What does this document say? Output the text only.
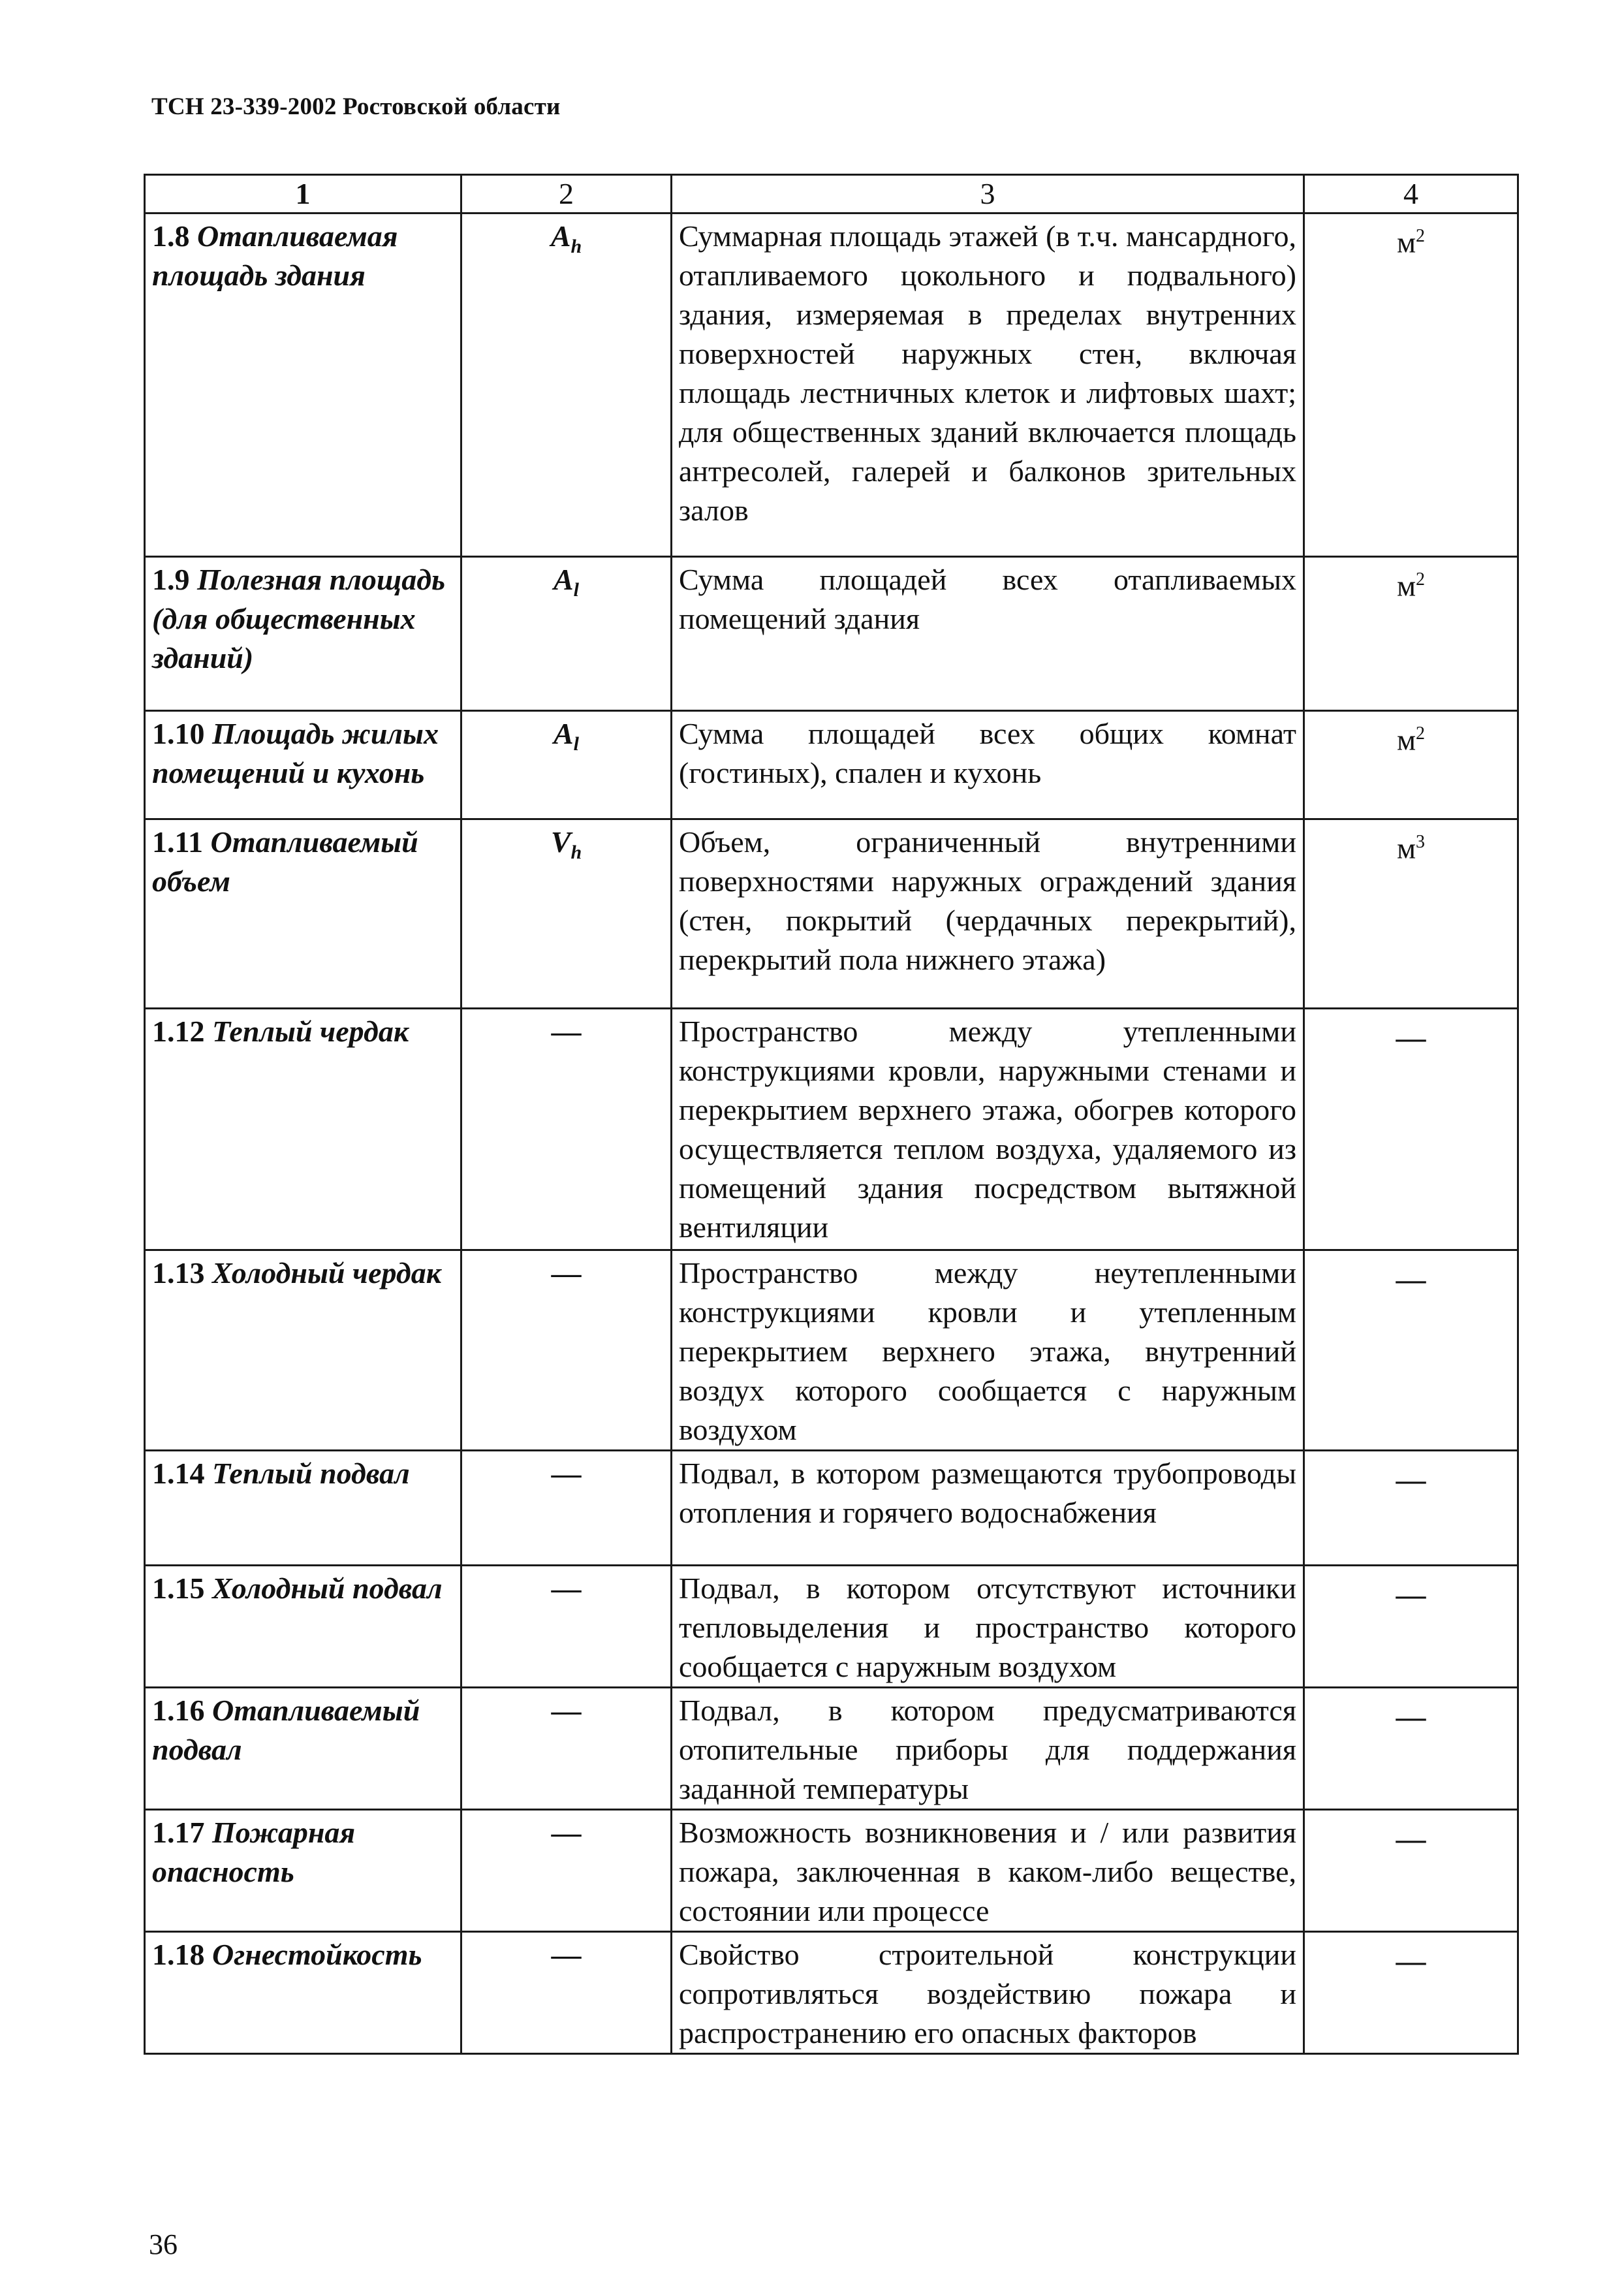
ТСН 23-339-2002 Ростовской области
1	2	3	4
1.8 Отапливаемая площадь здания	$A_h$	Суммарная площадь этажей (в т.ч. мансардного, отапливаемого цокольного и подвального) здания, измеряемая в пределах внутренних поверхностей наружных стен, включая площадь лестничных клеток и лифтовых шахт; для общественных зданий включается площадь антресолей, галерей и балконов зрительных залов	$м^2$
1.9 Полезная площадь (для общественных зданий)	$A_l$	Сумма площадей всех отапливаемых помещений здания	$м^2$
1.10 Площадь жилых помещений и кухонь	$A_l$	Сумма площадей всех общих комнат (гостиных), спален и кухонь	$м^2$
1.11 Отапливаемый объем	$V_h$	Объем, ограниченный внутренними поверхностями наружных ограждений здания (стен, покрытий (чердачных перекрытий), перекрытий пола нижнего этажа)	$м^3$
1.12 Теплый чердак	—	Пространство между утепленными конструкциями кровли, наружными стенами и перекрытием верхнего этажа, обогрев которого осуществляется теплом воздуха, удаляемого из помещений здания посредством вытяжной вентиляции	—
1.13 Холодный чердак	—	Пространство между неутепленными конструкциями кровли и утепленным перекрытием верхнего этажа, внутренний воздух которого сообщается с наружным воздухом	—
1.14 Теплый подвал	—	Подвал, в котором размещаются трубопроводы отопления и горячего водоснабжения	—
1.15 Холодный подвал	—	Подвал, в котором отсутствуют источники тепловыделения и пространство которого сообщается с наружным воздухом	—
1.16 Отапливаемый подвал	—	Подвал, в котором предусматриваются отопительные приборы для поддержания заданной температуры	—
1.17 Пожарная опасность	—	Возможность возникновения и / или развития пожара, заключенная в каком-либо веществе, состоянии или процессе	—
1.18 Огнестойкость	—	Свойство строительной конструкции сопротивляться воздействию пожара и распространению его опасных факторов	—
36
